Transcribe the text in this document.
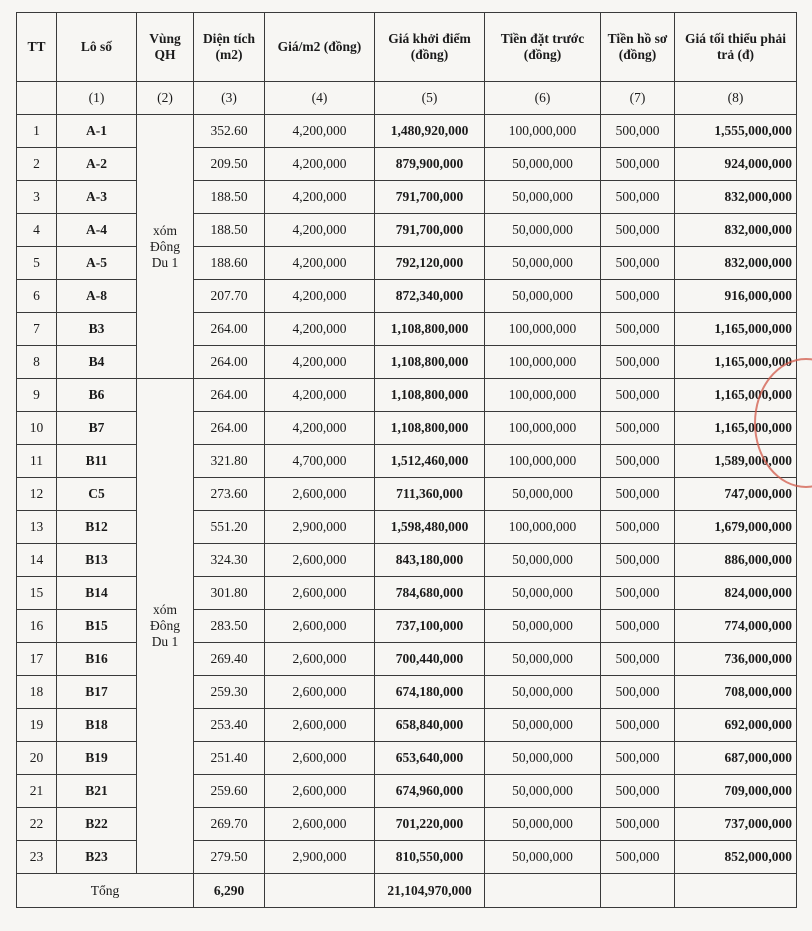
TT	Lô số	Vùng QH	Diện tích (m2)	Giá/m2 (đồng)	Giá khởi điểm (đồng)	Tiền đặt trước (đồng)	Tiền hồ sơ (đồng)	Giá tối thiểu phải trả (đ)
	(1)	(2)	(3)	(4)	(5)	(6)	(7)	(8)
1	A-1	xóm Đông Du 1	352.60	4,200,000	1,480,920,000	100,000,000	500,000	1,555,000,000
2	A-2		209.50	4,200,000	879,900,000	50,000,000	500,000	924,000,000
3	A-3		188.50	4,200,000	791,700,000	50,000,000	500,000	832,000,000
4	A-4		188.50	4,200,000	791,700,000	50,000,000	500,000	832,000,000
5	A-5		188.60	4,200,000	792,120,000	50,000,000	500,000	832,000,000
6	A-8		207.70	4,200,000	872,340,000	50,000,000	500,000	916,000,000
7	B3		264.00	4,200,000	1,108,800,000	100,000,000	500,000	1,165,000,000
8	B4		264.00	4,200,000	1,108,800,000	100,000,000	500,000	1,165,000,000
9	B6	xóm Đông Du 1	264.00	4,200,000	1,108,800,000	100,000,000	500,000	1,165,000,000
10	B7		264.00	4,200,000	1,108,800,000	100,000,000	500,000	1,165,000,000
11	B11		321.80	4,700,000	1,512,460,000	100,000,000	500,000	1,589,000,000
12	C5		273.60	2,600,000	711,360,000	50,000,000	500,000	747,000,000
13	B12		551.20	2,900,000	1,598,480,000	100,000,000	500,000	1,679,000,000
14	B13		324.30	2,600,000	843,180,000	50,000,000	500,000	886,000,000
15	B14		301.80	2,600,000	784,680,000	50,000,000	500,000	824,000,000
16	B15		283.50	2,600,000	737,100,000	50,000,000	500,000	774,000,000
17	B16		269.40	2,600,000	700,440,000	50,000,000	500,000	736,000,000
18	B17		259.30	2,600,000	674,180,000	50,000,000	500,000	708,000,000
19	B18		253.40	2,600,000	658,840,000	50,000,000	500,000	692,000,000
20	B19		251.40	2,600,000	653,640,000	50,000,000	500,000	687,000,000
21	B21		259.60	2,600,000	674,960,000	50,000,000	500,000	709,000,000
22	B22		269.70	2,600,000	701,220,000	50,000,000	500,000	737,000,000
23	B23		279.50	2,900,000	810,550,000	50,000,000	500,000	852,000,000
Tổng			6,290		21,104,970,000			
